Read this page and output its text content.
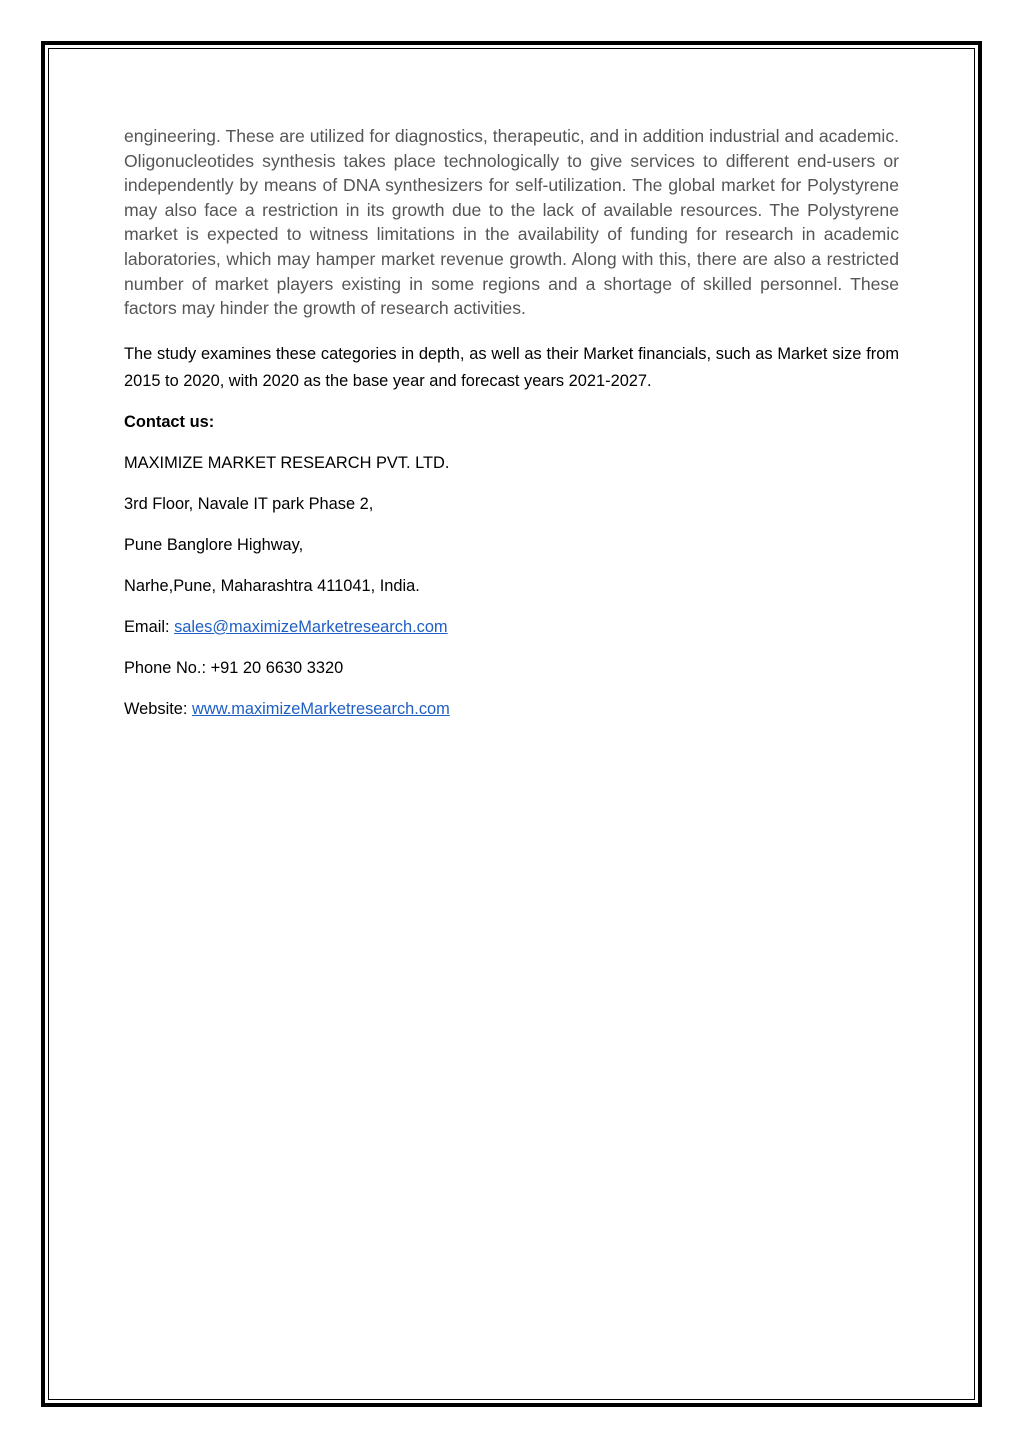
engineering. These are utilized for diagnostics, therapeutic, and in addition industrial and academic. Oligonucleotides synthesis takes place technologically to give services to different end-users or independently by means of DNA synthesizers for self-utilization. The global market for Polystyrene may also face a restriction in its growth due to the lack of available resources. The Polystyrene market is expected to witness limitations in the availability of funding for research in academic laboratories, which may hamper market revenue growth. Along with this, there are also a restricted number of market players existing in some regions and a shortage of skilled personnel. These factors may hinder the growth of research activities.

The study examines these categories in depth, as well as their Market financials, such as Market size from 2015 to 2020, with 2020 as the base year and forecast years 2021-2027.

Contact us:

MAXIMIZE MARKET RESEARCH PVT. LTD.

3rd Floor, Navale IT park Phase 2,

Pune Banglore Highway,

Narhe,Pune, Maharashtra 411041, India.

Email: sales@maximizeMarketresearch.com

Phone No.: +91 20 6630 3320

Website: www.maximizeMarketresearch.com
